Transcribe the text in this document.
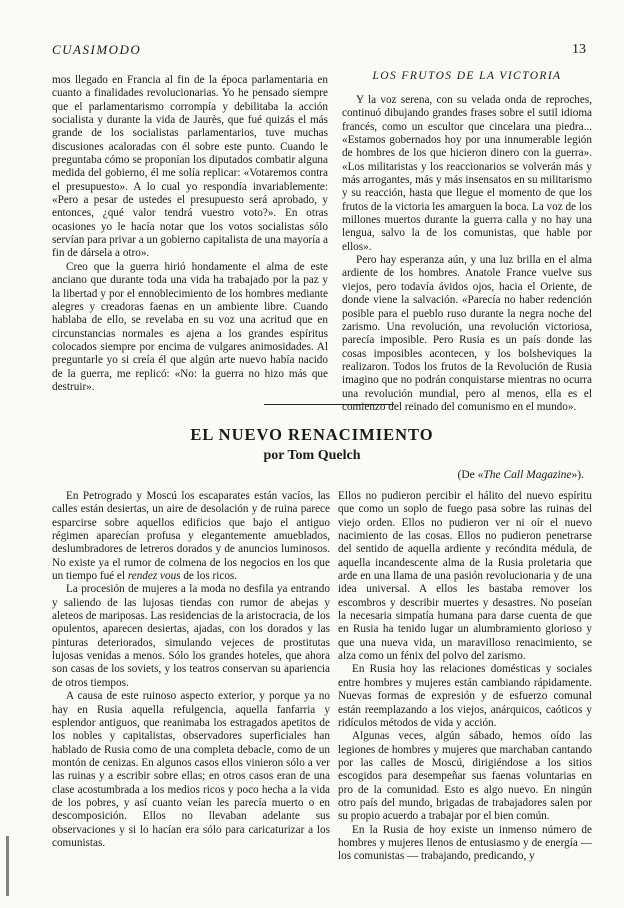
CUASIMODO	13

mos llegado en Francia al fin de la época parlamentaria en cuanto a finalidades revolucionarias. Yo he pensado siempre que el parlamentarismo corrompía y debilitaba la acción socialista y durante la vida de Jaurès, que fué quizás el más grande de los socialistas parlamentarios, tuve muchas discusiones acaloradas con él sobre este punto. Cuando le preguntaba cómo se proponían los diputados combatir alguna medida del gobierno, él me solía replicar: «Votaremos contra el presupuesto». A lo cual yo respondía invariablemente: «Pero a pesar de ustedes el presupuesto será aprobado, y entonces, ¿qué valor tendrá vuestro voto?». En otras ocasiones yo le hacía notar que los votos socialistas sólo servían para privar a un gobierno capitalista de una mayoría a fin de dársela a otro».

Creo que la guerra hirió hondamente el alma de este anciano que durante toda una vida ha trabajado por la paz y la libertad y por el ennoblecimiento de los hombres mediante alegres y creadoras faenas en un ambiente libre. Cuando hablaba de ello, se revelaba en su voz una acritud que en circunstancias normales es ajena a los grandes espíritus colocados siempre por encima de vulgares animosidades. Al preguntarle yo si creía él que algún arte nuevo había nacido de la guerra, me replicó: «No: la guerra no hizo más que destruir».

LOS FRUTOS DE LA VICTORIA

Y la voz serena, con su velada onda de reproches, continuó dibujando grandes frases sobre el sutil idioma francés, como un escultor que cincelara una piedra... «Estamos gobernados hoy por una innumerable legión de hombres de los que hicieron dinero con la guerra». «Los militaristas y los reaccionarios se volverán más y más arrogantes, más y más insensatos en su militarismo y su reacción, hasta que llegue el momento de que los frutos de la victoria les amarguen la boca. La voz de los millones muertos durante la guerra calla y no hay una lengua, salvo la de los comunistas, que hable por ellos».

Pero hay esperanza aún, y una luz brilla en el alma ardiente de los hombres. Anatole France vuelve sus viejos, pero todavía ávidos ojos, hacia el Oriente, de donde viene la salvación. «Parecía no haber redención posible para el pueblo ruso durante la negra noche del zarismo. Una revolución, una revolución victoriosa, parecía imposible. Pero Rusia es un país donde las cosas imposibles acontecen, y los bolsheviques la realizaron. Todos los frutos de la Revolución de Rusia imagino que no podrán conquistarse mientras no ocurra una revolución mundial, pero al menos, ella es el comienzo del reinado del comunismo en el mundo».

EL NUEVO RENACIMIENTO
por Tom Quelch
(De «The Call Magazine»).

En Petrogrado y Moscú los escaparates están vacíos, las calles están desiertas, un aire de desolación y de ruina parece esparcirse sobre aquellos edificios que bajo el antiguo régimen aparecían profusa y elegantemente amueblados, deslumbradores de letreros dorados y de anuncios luminosos. No existe ya el rumor de colmena de los negocios en los que un tiempo fué el rendez vous de los ricos.

La procesión de mujeres a la moda no desfila ya entrando y saliendo de las lujosas tiendas con rumor de abejas y aleteos de mariposas. Las residencias de la aristocracia, de los opulentos, aparecen desiertas, ajadas, con los dorados y las pinturas deteriorados, simulando vejeces de prostitutas lujosas venidas a menos. Sólo los grandes hoteles, que ahora son casas de los soviets, y los teatros conservan su apariencia de otros tiempos.

A causa de este ruinoso aspecto exterior, y porque ya no hay en Rusia aquella refulgencia, aquella fanfarria y esplendor antiguos, que reanimaba los estragados apetitos de los nobles y capitalistas, observadores superficiales han hablado de Rusia como de una completa debacle, como de un montón de cenizas. En algunos casos ellos vinieron sólo a ver las ruinas y a escribir sobre ellas; en otros casos eran de una clase acostumbrada a los medios ricos y poco hecha a la vida de los pobres, y así cuanto veían les parecía muerto o en descomposición. Ellos no llevaban adelante sus observaciones y si lo hacían era sólo para caricaturizar a los comunistas.

Ellos no pudieron percibir el hálito del nuevo espíritu que como un soplo de fuego pasa sobre las ruinas del viejo orden. Ellos no pudieron ver ni oír el nuevo nacimiento de las cosas. Ellos no pudieron penetrarse del sentido de aquella ardiente y recóndita médula, de aquella incandescente alma de la Rusia proletaria que arde en una llama de una pasión revolucionaria y de una idea universal. A ellos les bastaba remover los escombros y describir muertes y desastres. No poseían la necesaria simpatía humana para darse cuenta de que en Rusia ha tenido lugar un alumbramiento glorioso y que una nueva vida, un maravilloso renacimiento, se alza como un fénix del polvo del zarismo.

En Rusia hoy las relaciones domésticas y sociales entre hombres y mujeres están cambiando rápidamente. Nuevas formas de expresión y de esfuerzo comunal están reemplazando a los viejos, anárquicos, caóticos y ridículos métodos de vida y acción.

Algunas veces, algún sábado, hemos oído las legiones de hombres y mujeres que marchaban cantando por las calles de Moscú, dirigiéndose a los sitios escogidos para desempeñar sus faenas voluntarias en pro de la comunidad. Esto es algo nuevo. En ningún otro país del mundo, brigadas de trabajadores salen por su propio acuerdo a trabajar por el bien común.

En la Rusia de hoy existe un inmenso número de hombres y mujeres llenos de entusiasmo y de energía — los comunistas — trabajando, predicando, y
